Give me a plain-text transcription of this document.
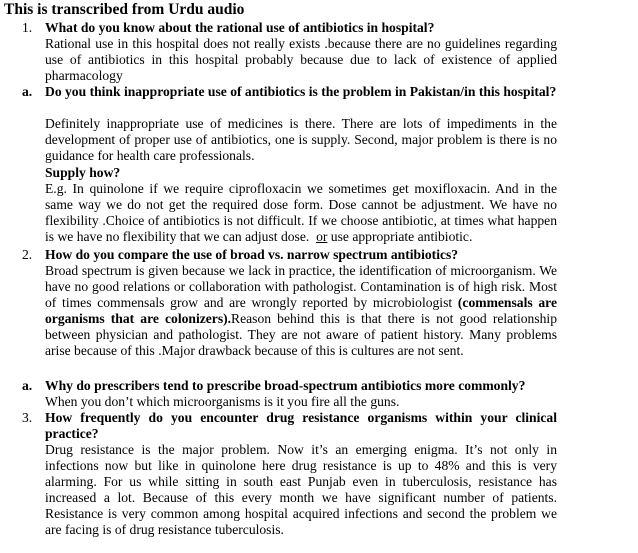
This is transcribed from Urdu audio
1. What do you know about the rational use of antibiotics in hospital?
Rational use in this hospital does not really exists .because there are no guidelines regarding use of antibiotics in this hospital probably because due to lack of existence of applied pharmacology
a. Do you think inappropriate use of antibiotics is the problem in Pakistan/in this hospital?
Definitely inappropriate use of medicines is there. There are lots of impediments in the development of proper use of antibiotics, one is supply. Second, major problem is there is no guidance for health care professionals.
Supply how?
E.g. In quinolone if we require ciprofloxacin we sometimes get moxifloxacin. And in the same way we do not get the required dose form. Dose cannot be adjustment. We have no flexibility .Choice of antibiotics is not difficult. If we choose antibiotic, at times what happen is we have no flexibility that we can adjust dose. or use appropriate antibiotic.
2. How do you compare the use of broad vs. narrow spectrum antibiotics?
Broad spectrum is given because we lack in practice, the identification of microorganism. We have no good relations or collaboration with pathologist. Contamination is of high risk. Most of times commensals grow and are wrongly reported by microbiologist (commensals are organisms that are colonizers).Reason behind this is that there is not good relationship between physician and pathologist. They are not aware of patient history. Many problems arise because of this .Major drawback because of this is cultures are not sent.
a. Why do prescribers tend to prescribe broad-spectrum antibiotics more commonly?
When you don’t which microorganisms is it you fire all the guns.
3. How frequently do you encounter drug resistance organisms within your clinical practice?
Drug resistance is the major problem. Now it’s an emerging enigma. It’s not only in infections now but like in quinolone here drug resistance is up to 48% and this is very alarming. For us while sitting in south east Punjab even in tuberculosis, resistance has increased a lot. Because of this every month we have significant number of patients. Resistance is very common among hospital acquired infections and second the problem we are facing is of drug resistance tuberculosis.
